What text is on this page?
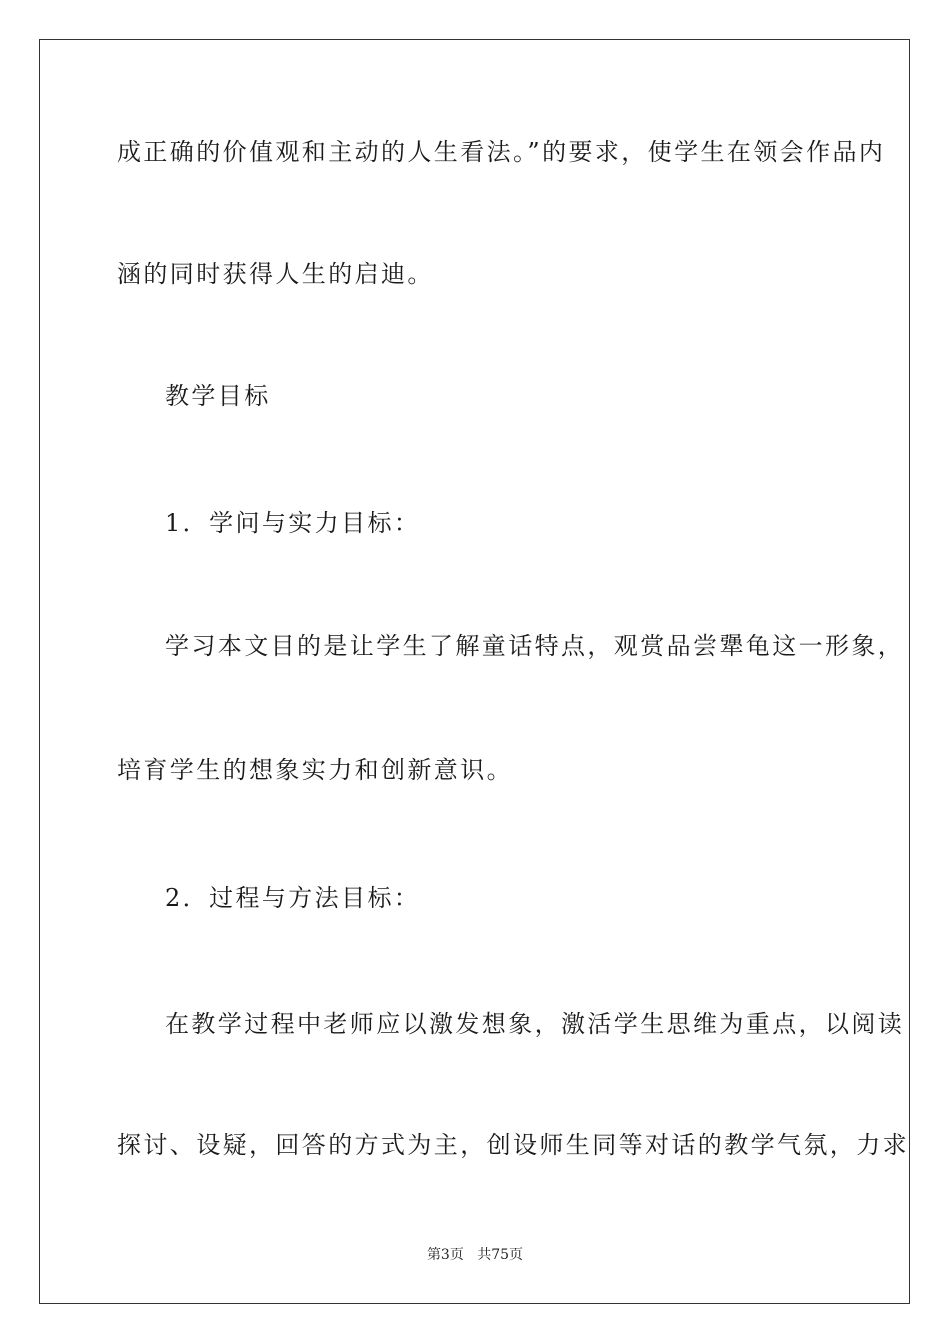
成正确的价值观和主动的人生看法。”的要求，使学生在领会作品内
涵的同时获得人生的启迪。
教学目标
1．学问与实力目标：
学习本文目的是让学生了解童话特点，观赏品尝犟龟这一形象，
培育学生的想象实力和创新意识。
2．过程与方法目标：
在教学过程中老师应以激发想象，激活学生思维为重点，以阅读
探讨、设疑，回答的方式为主，创设师生同等对话的教学气氛，力求
第3页 共75页
